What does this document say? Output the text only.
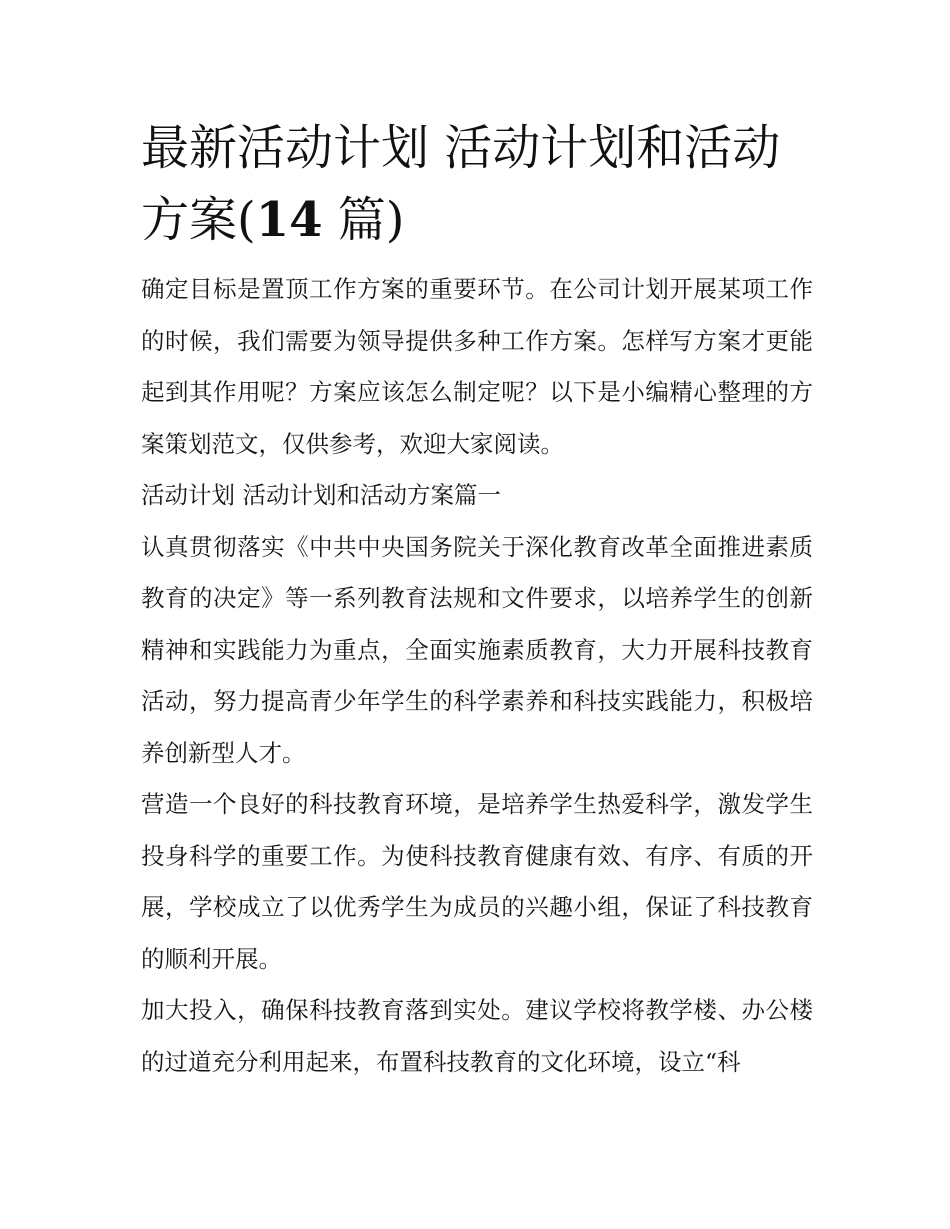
最新活动计划 活动计划和活动方案(14 篇)

确定目标是置顶工作方案的重要环节。在公司计划开展某项工作的时候，我们需要为领导提供多种工作方案。怎样写方案才更能起到其作用呢？方案应该怎么制定呢？以下是小编精心整理的方案策划范文，仅供参考，欢迎大家阅读。

活动计划 活动计划和活动方案篇一

认真贯彻落实《中共中央国务院关于深化教育改革全面推进素质教育的决定》等一系列教育法规和文件要求，以培养学生的创新精神和实践能力为重点，全面实施素质教育，大力开展科技教育活动，努力提高青少年学生的科学素养和科技实践能力，积极培养创新型人才。

营造一个良好的科技教育环境，是培养学生热爱科学，激发学生投身科学的重要工作。为使科技教育健康有效、有序、有质的开展，学校成立了以优秀学生为成员的兴趣小组，保证了科技教育的顺利开展。

加大投入，确保科技教育落到实处。建议学校将教学楼、办公楼的过道充分利用起来，布置科技教育的文化环境，设立“科
